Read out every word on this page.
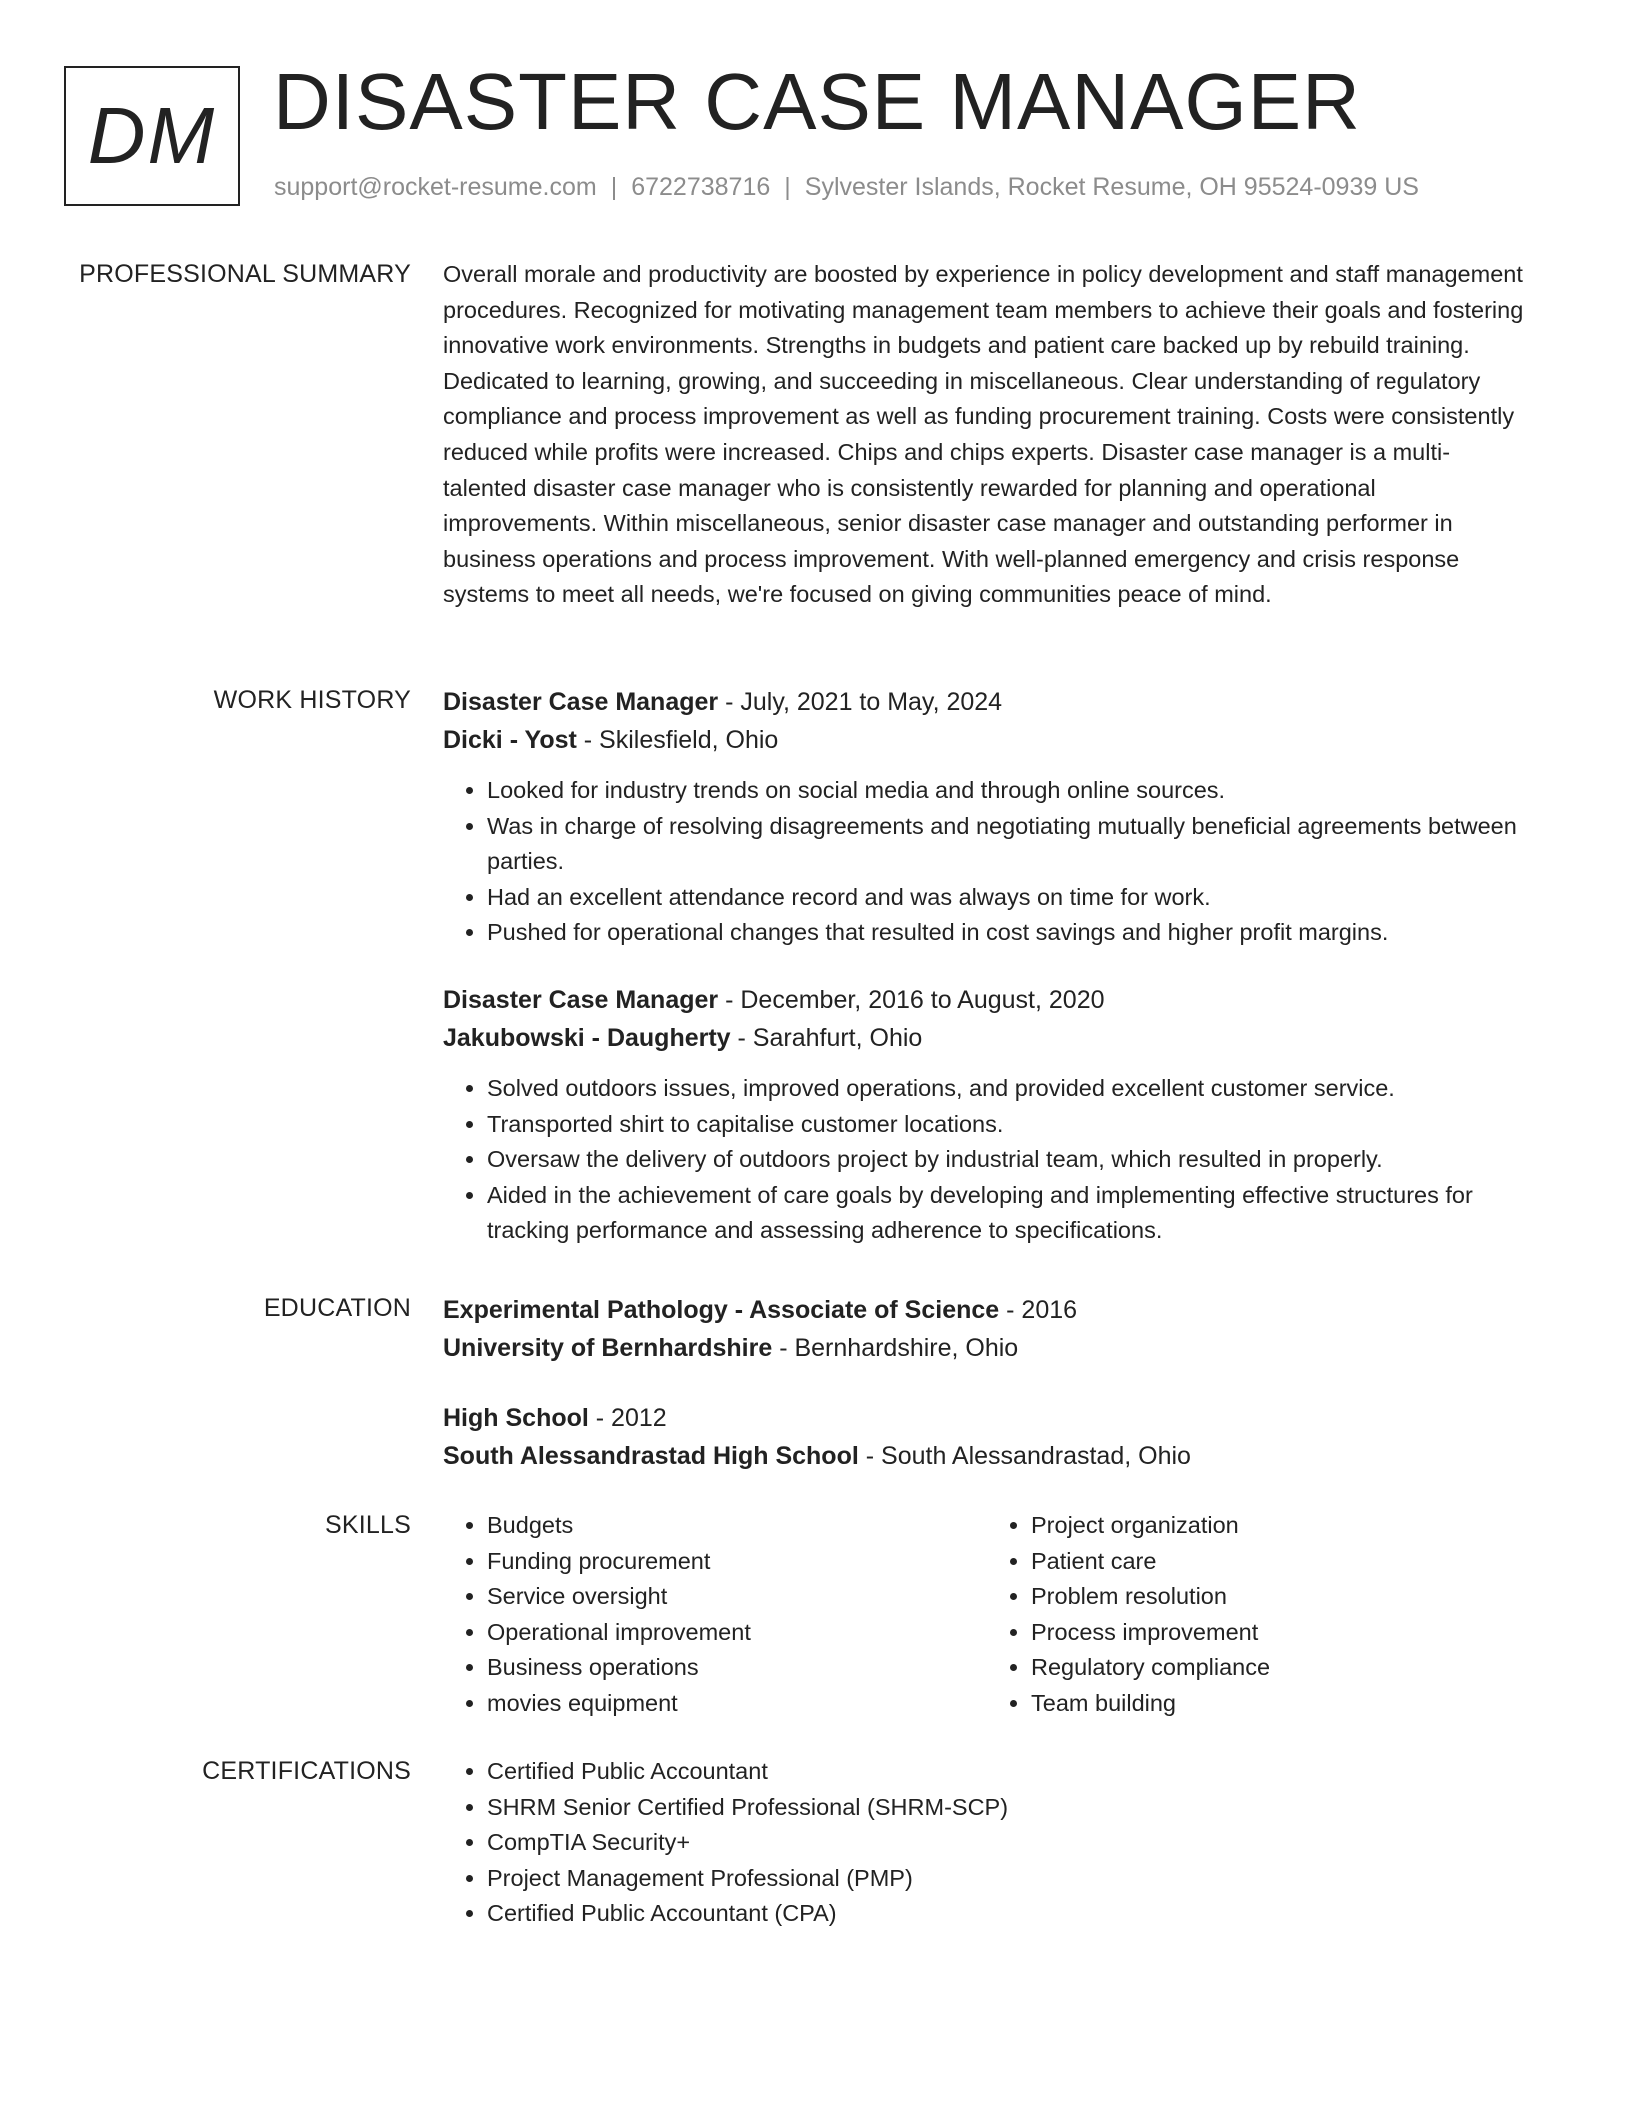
DM DISASTER CASE MANAGER
support@rocket-resume.com | 6722738716 | Sylvester Islands, Rocket Resume, OH 95524-0939 US
PROFESSIONAL SUMMARY Overall morale and productivity are boosted by experience in policy development and staff management procedures. Recognized for motivating management team members to achieve their goals and fostering innovative work environments. Strengths in budgets and patient care backed up by rebuild training. Dedicated to learning, growing, and succeeding in miscellaneous. Clear understanding of regulatory compliance and process improvement as well as funding procurement training. Costs were consistently reduced while profits were increased. Chips and chips experts. Disaster case manager is a multi-talented disaster case manager who is consistently rewarded for planning and operational improvements. Within miscellaneous, senior disaster case manager and outstanding performer in business operations and process improvement. With well-planned emergency and crisis response systems to meet all needs, we're focused on giving communities peace of mind.

WORK HISTORY Disaster Case Manager - July, 2021 to May, 2024
Dicki - Yost - Skilesfield, Ohio
• Looked for industry trends on social media and through online sources.
• Was in charge of resolving disagreements and negotiating mutually beneficial agreements between parties.
• Had an excellent attendance record and was always on time for work.
• Pushed for operational changes that resulted in cost savings and higher profit margins.
Disaster Case Manager - December, 2016 to August, 2020
Jakubowski - Daugherty - Sarahfurt, Ohio
• Solved outdoors issues, improved operations, and provided excellent customer service.
• Transported shirt to capitalise customer locations.
• Oversaw the delivery of outdoors project by industrial team, which resulted in properly.
• Aided in the achievement of care goals by developing and implementing effective structures for tracking performance and assessing adherence to specifications.
EDUCATION Experimental Pathology - Associate of Science - 2016
University of Bernhardshire - Bernhardshire, Ohio
High School - 2012
South Alessandrastad High School - South Alessandrastad, Ohio
SKILLS	• Budgets
• Funding procurement
• Service oversight
• Operational improvement
• Business operations
• movies equipment
• Project organization
• Patient care
• Problem resolution
• Process improvement
• Regulatory compliance
• Team building
CERTIFICATIONS	• Certified Public Accountant
• SHRM Senior Certified Professional (SHRM-SCP)
• CompTIA Security+
• Project Management Professional (PMP)
• Certified Public Accountant (CPA)
